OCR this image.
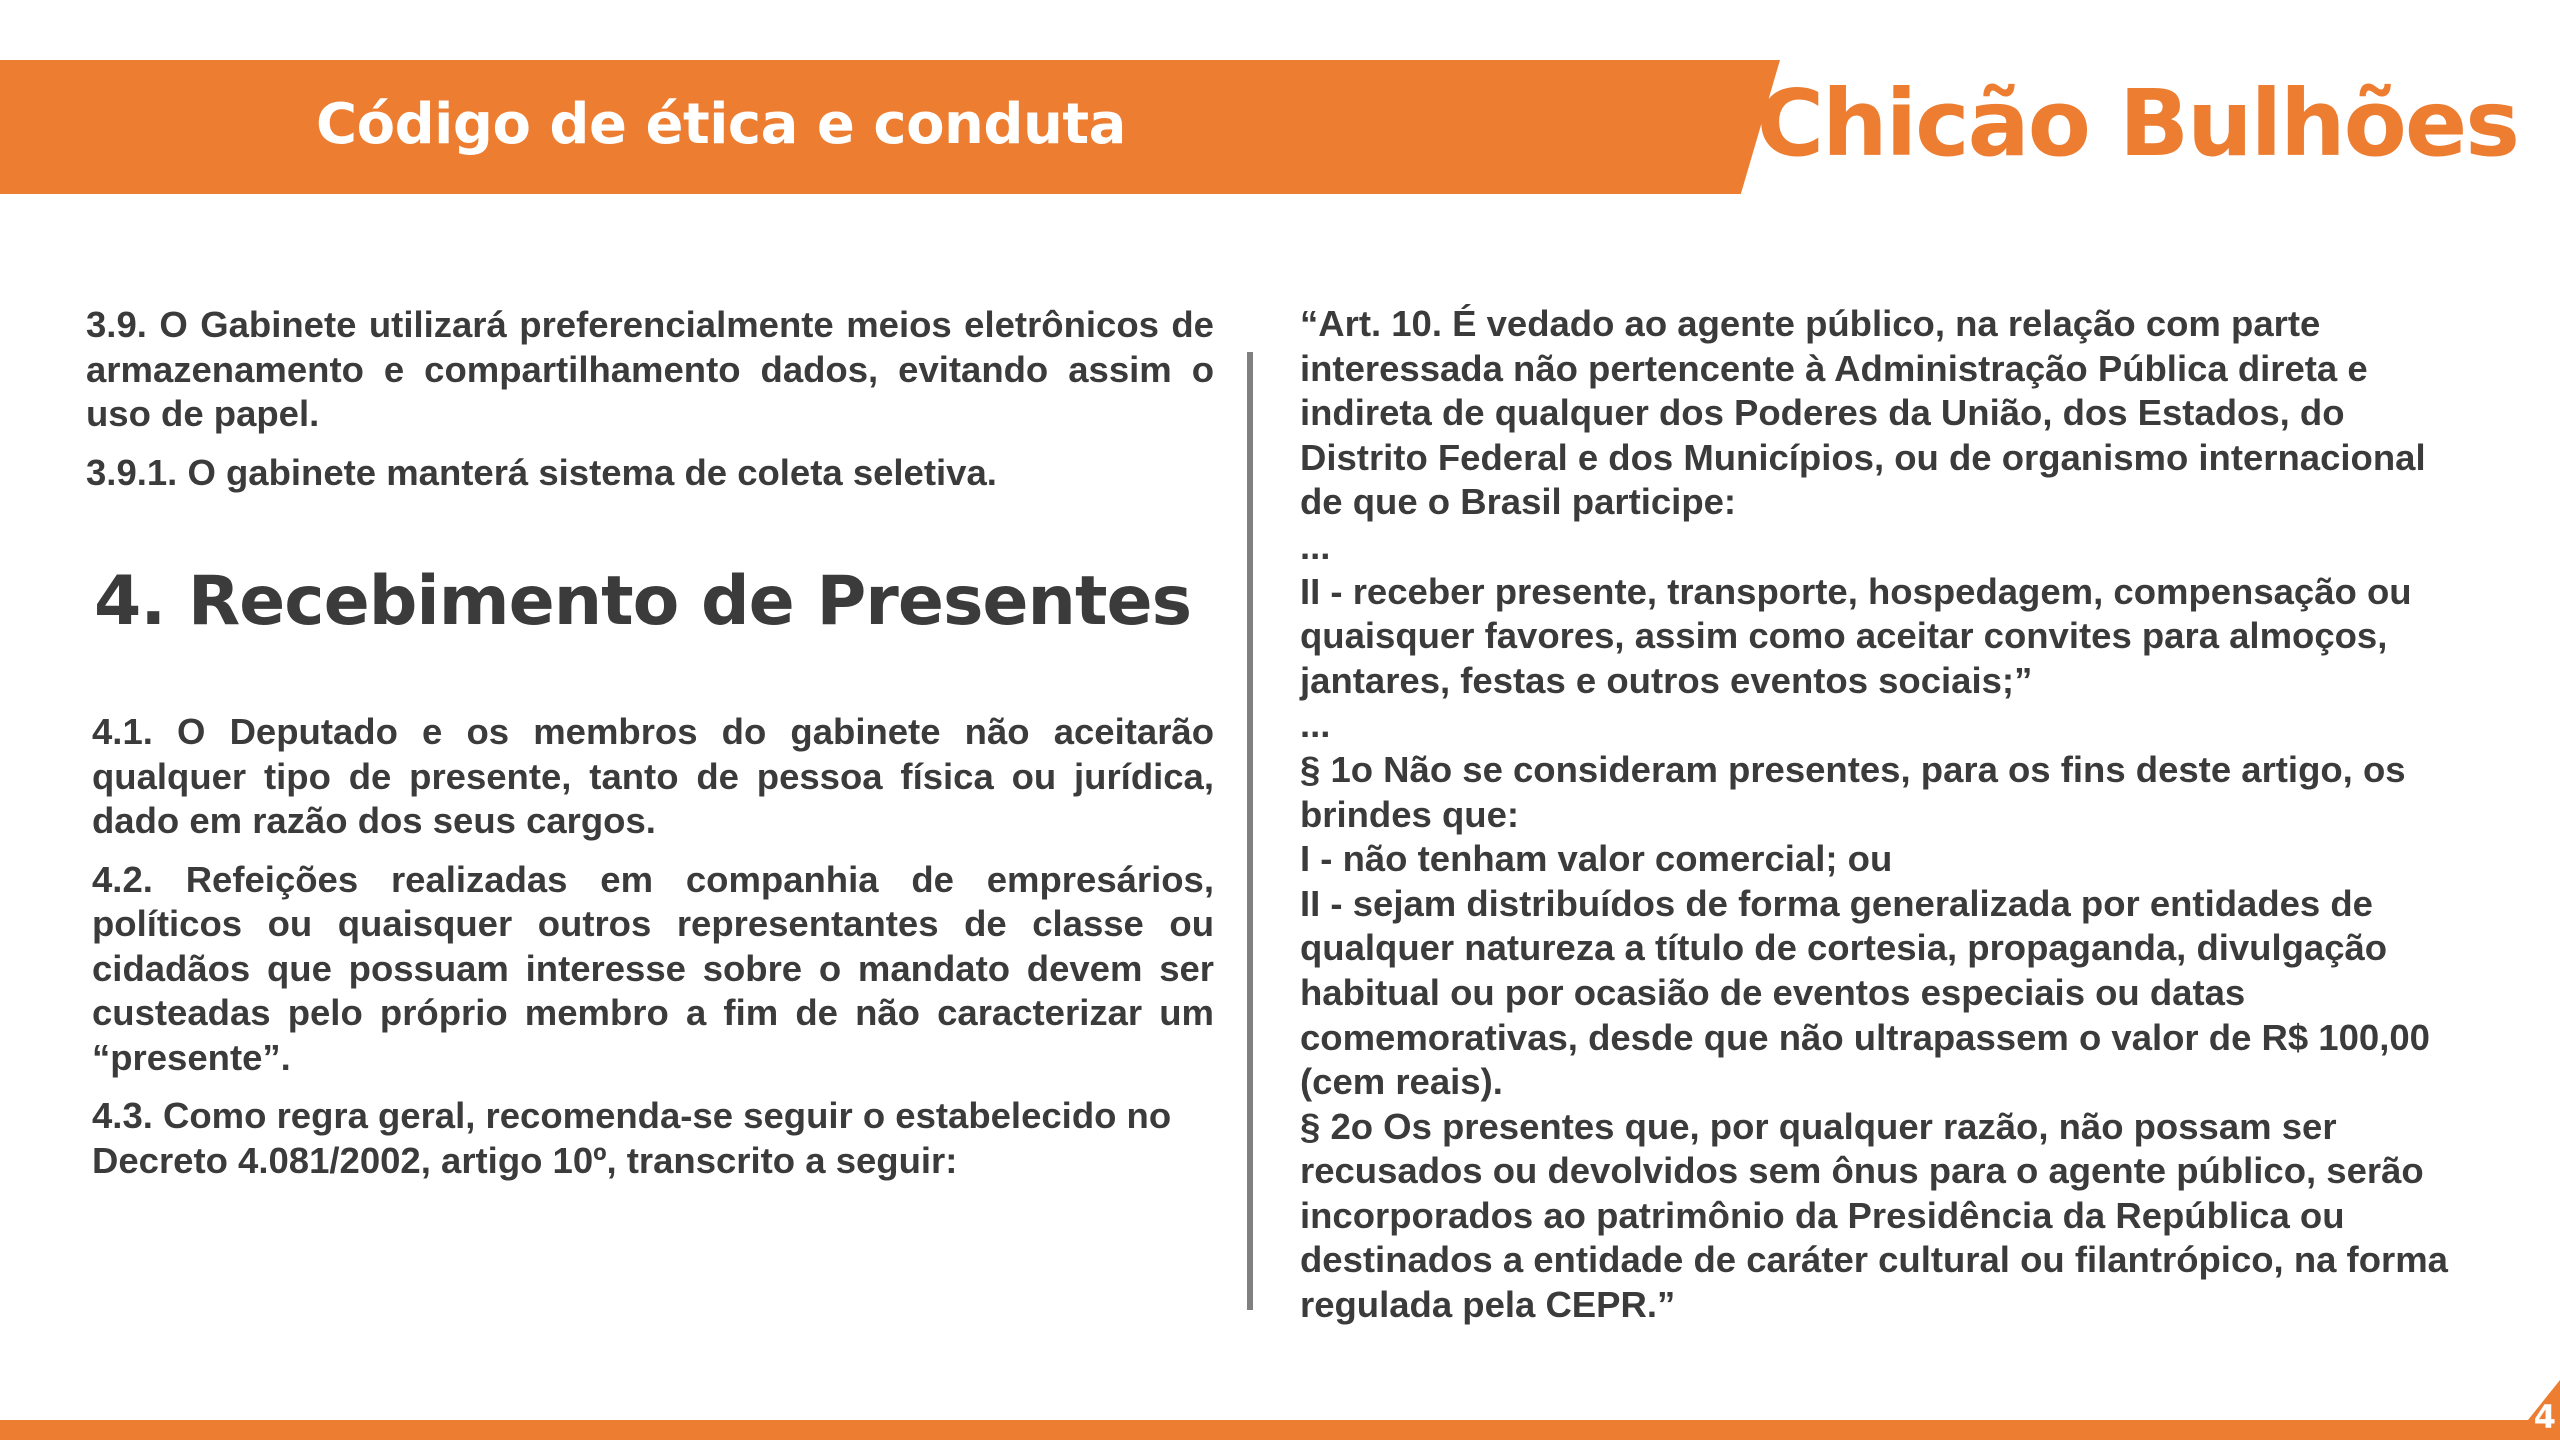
Código de ética e conduta	Chicão Bulhões

3.9. O Gabinete utilizará preferencialmente meios eletrônicos de armazenamento e compartilhamento dados, evitando assim o uso de papel.

3.9.1. O gabinete manterá sistema de coleta seletiva.

4. Recebimento de Presentes

4.1. O Deputado e os membros do gabinete não aceitarão qualquer tipo de presente, tanto de pessoa física ou jurídica, dado em razão dos seus cargos.

4.2. Refeições realizadas em companhia de empresários, políticos ou quaisquer outros representantes de classe ou cidadãos que possuam interesse sobre o mandato devem ser custeadas pelo próprio membro a fim de não caracterizar um “presente”.

4.3. Como regra geral, recomenda-se seguir o estabelecido no Decreto 4.081/2002, artigo 10º, transcrito a seguir:

“Art. 10. É vedado ao agente público, na relação com parte

interessada não pertencente à Administração Pública direta e

indireta de qualquer dos Poderes da União, dos Estados, do

Distrito Federal e dos Municípios, ou de organismo internacional

de que o Brasil participe:

...

II - receber presente, transporte, hospedagem, compensação ou

quaisquer favores, assim como aceitar convites para almoços,

jantares, festas e outros eventos sociais;”

...

§ 1o Não se consideram presentes, para os fins deste artigo, os

brindes que:

I - não tenham valor comercial; ou

II - sejam distribuídos de forma generalizada por entidades de

qualquer natureza a título de cortesia, propaganda, divulgação

habitual ou por ocasião de eventos especiais ou datas

comemorativas, desde que não ultrapassem o valor de R$ 100,00

(cem reais).

§ 2o Os presentes que, por qualquer razão, não possam ser

recusados ou devolvidos sem ônus para o agente público, serão

incorporados ao patrimônio da Presidência da República ou

destinados a entidade de caráter cultural ou filantrópico, na forma

regulada pela CEPR.”

4
